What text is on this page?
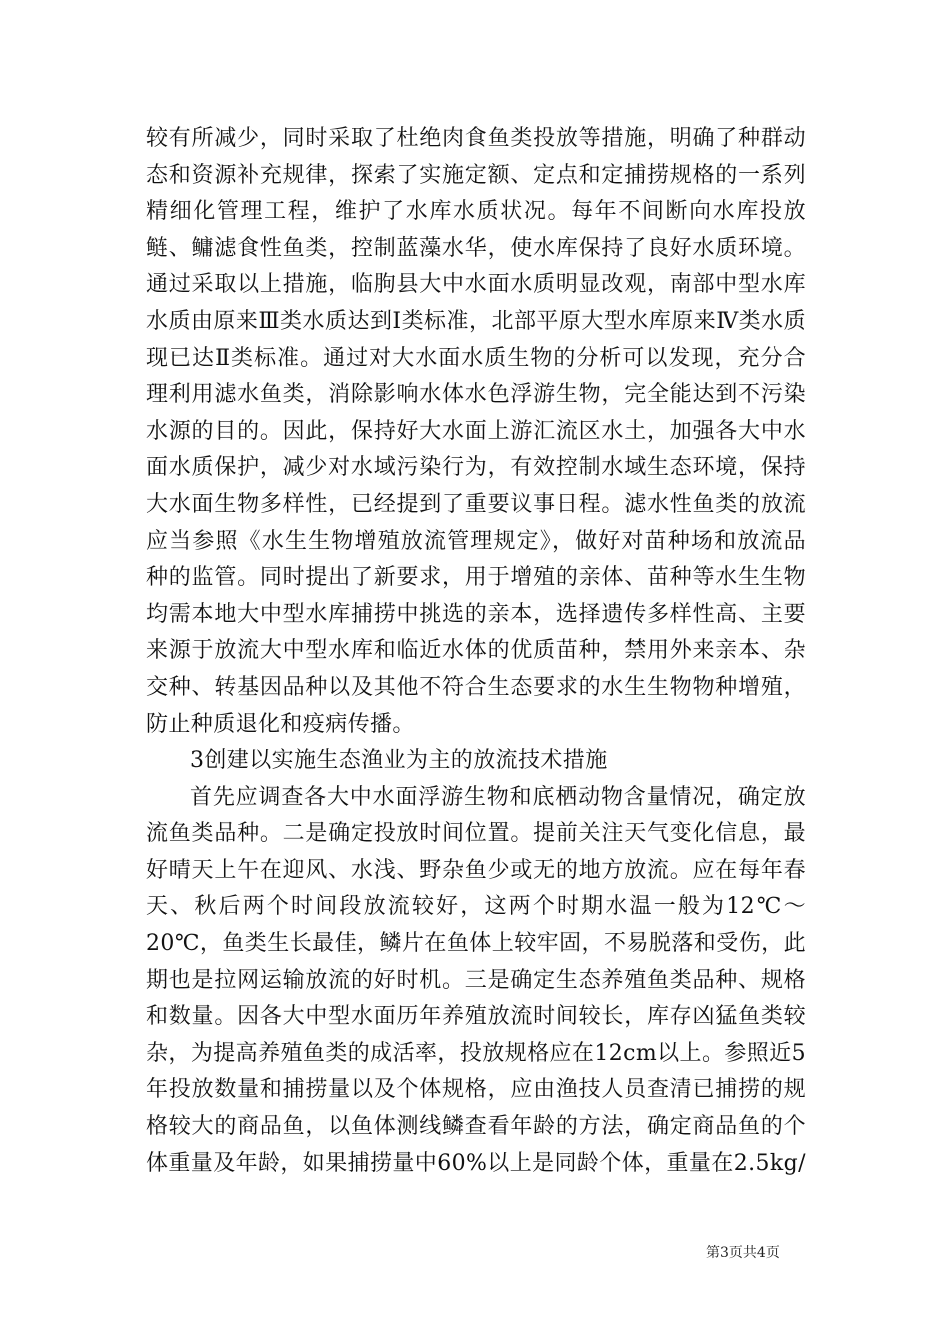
较有所减少，同时采取了杜绝肉食鱼类投放等措施，明确了种群动态和资源补充规律，探索了实施定额、定点和定捕捞规格的一系列精细化管理工程，维护了水库水质状况。每年不间断向水库投放鲢、鳙滤食性鱼类，控制蓝藻水华，使水库保持了良好水质环境。通过采取以上措施，临朐县大中水面水质明显改观，南部中型水库水质由原来Ⅲ类水质达到Ⅰ类标准，北部平原大型水库原来Ⅳ类水质现已达Ⅱ类标准。通过对大水面水质生物的分析可以发现，充分合理利用滤水鱼类，消除影响水体水色浮游生物，完全能达到不污染水源的目的。因此，保持好大水面上游汇流区水土，加强各大中水面水质保护，减少对水域污染行为，有效控制水域生态环境，保持大水面生物多样性，已经提到了重要议事日程。滤水性鱼类的放流应当参照《水生生物增殖放流管理规定》，做好对苗种场和放流品种的监管。同时提出了新要求，用于增殖的亲体、苗种等水生生物均需本地大中型水库捕捞中挑选的亲本，选择遗传多样性高、主要来源于放流大中型水库和临近水体的优质苗种，禁用外来亲本、杂交种、转基因品种以及其他不符合生态要求的水生生物物种增殖，防止种质退化和疫病传播。

3创建以实施生态渔业为主的放流技术措施

首先应调查各大中水面浮游生物和底栖动物含量情况，确定放流鱼类品种。二是确定投放时间位置。提前关注天气变化信息，最好晴天上午在迎风、水浅、野杂鱼少或无的地方放流。应在每年春天、秋后两个时间段放流较好，这两个时期水温一般为12℃～20℃，鱼类生长最佳，鳞片在鱼体上较牢固，不易脱落和受伤，此期也是拉网运输放流的好时机。三是确定生态养殖鱼类品种、规格和数量。因各大中型水面历年养殖放流时间较长，库存凶猛鱼类较杂，为提高养殖鱼类的成活率，投放规格应在12cm以上。参照近5年投放数量和捕捞量以及个体规格，应由渔技人员查清已捕捞的规格较大的商品鱼，以鱼体测线鳞查看年龄的方法，确定商品鱼的个体重量及年龄，如果捕捞量中60%以上是同龄个体，重量在2.5kg/

第3页共4页
